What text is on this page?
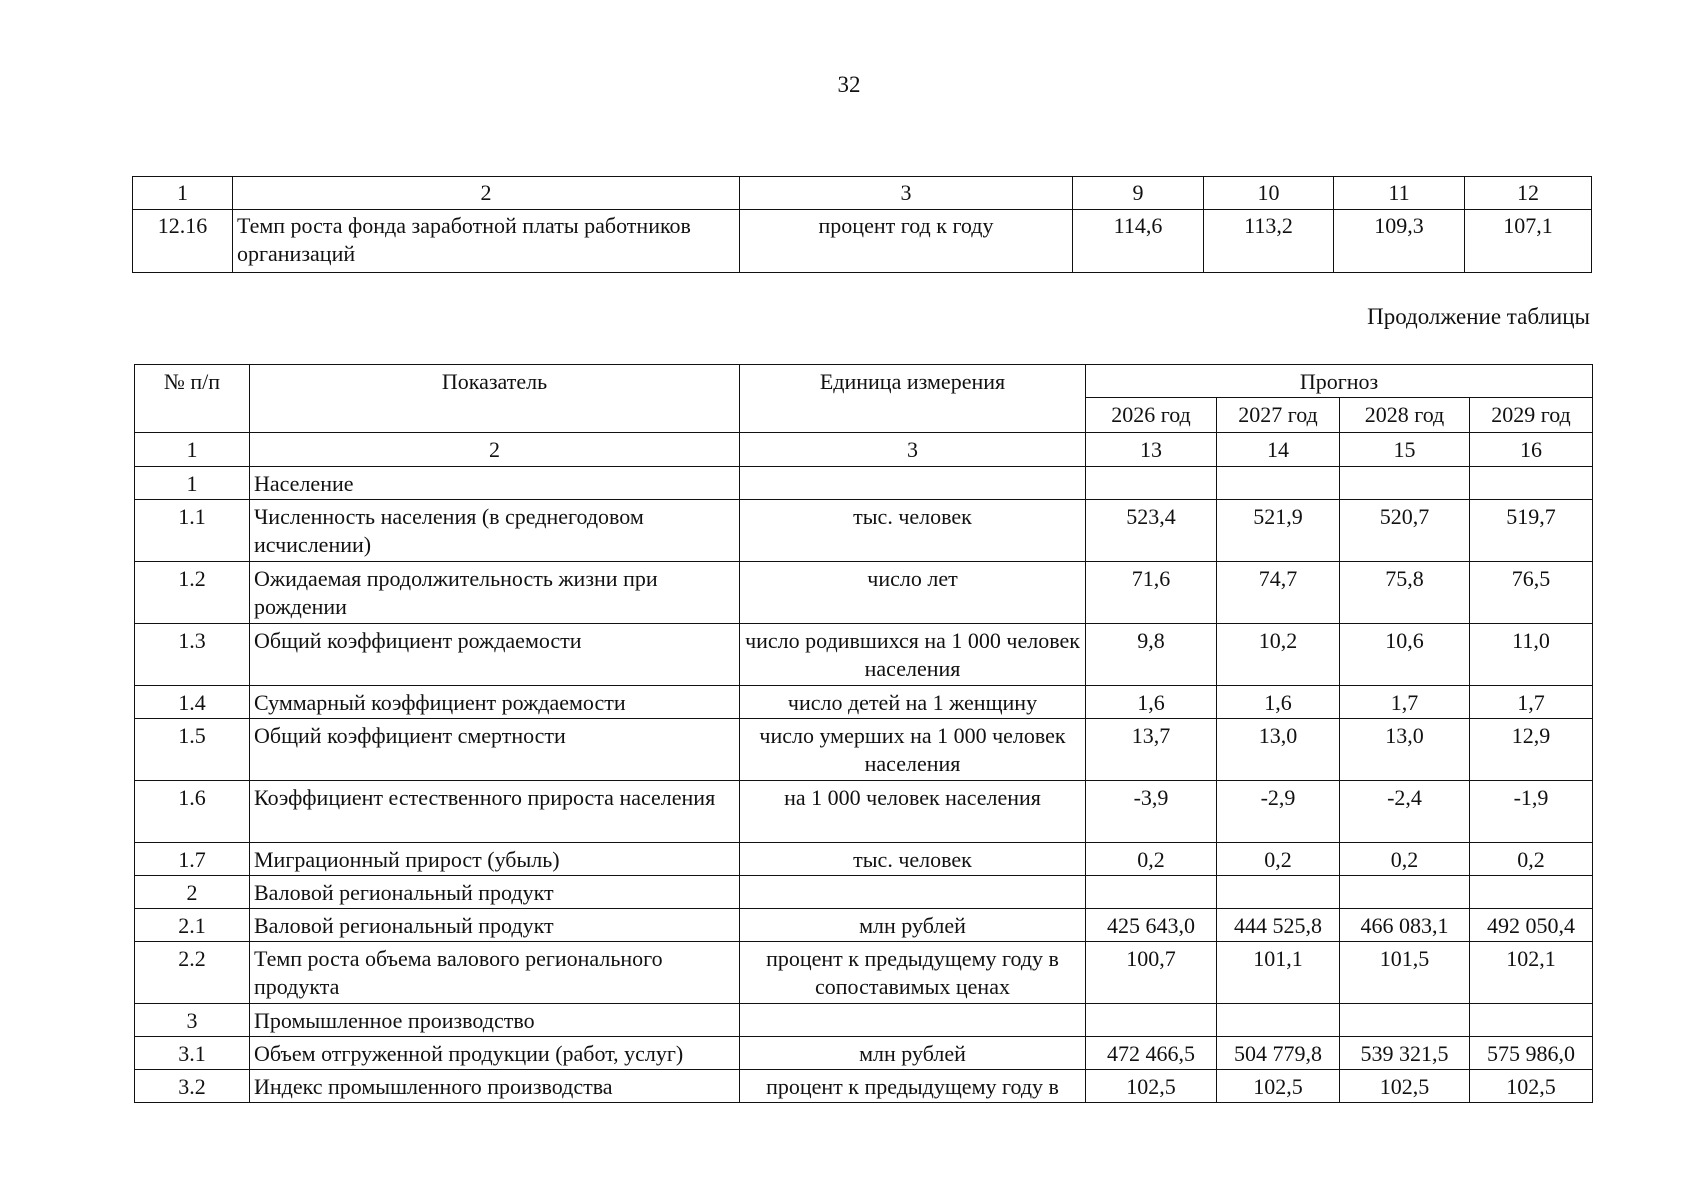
32
1	2	3	9	10	11	12
12.16	Темп роста фонда заработной платы работников организаций	процент год к году	114,6	113,2	109,3	107,1
Продолжение таблицы
№ п/п	Показатель	Единица измерения	Прогноз			
			2026 год	2027 год	2028 год	2029 год
1	2	3	13	14	15	16
1	Население					
1.1	Численность населения (в среднегодовом исчислении)	тыс. человек	523,4	521,9	520,7	519,7
1.2	Ожидаемая продолжительность жизни при рождении	число лет	71,6	74,7	75,8	76,5
1.3	Общий коэффициент рождаемости	число родившихся на 1 000 человек населения	9,8	10,2	10,6	11,0
1.4	Суммарный коэффициент рождаемости	число детей на 1 женщину	1,6	1,6	1,7	1,7
1.5	Общий коэффициент смертности	число умерших на 1 000 человек населения	13,7	13,0	13,0	12,9
1.6	Коэффициент естественного прироста населения	на 1 000 человек населения	-3,9	-2,9	-2,4	-1,9
1.7	Миграционный прирост (убыль)	тыс. человек	0,2	0,2	0,2	0,2
2	Валовой региональный продукт					
2.1	Валовой региональный продукт	млн рублей	425 643,0	444 525,8	466 083,1	492 050,4
2.2	Темп роста объема валового регионального продукта	процент к предыдущему году в сопоставимых ценах	100,7	101,1	101,5	102,1
3	Промышленное производство					
3.1	Объем отгруженной продукции (работ, услуг)	млн рублей	472 466,5	504 779,8	539 321,5	575 986,0
3.2	Индекс промышленного производства	процент к предыдущему году в	102,5	102,5	102,5	102,5
